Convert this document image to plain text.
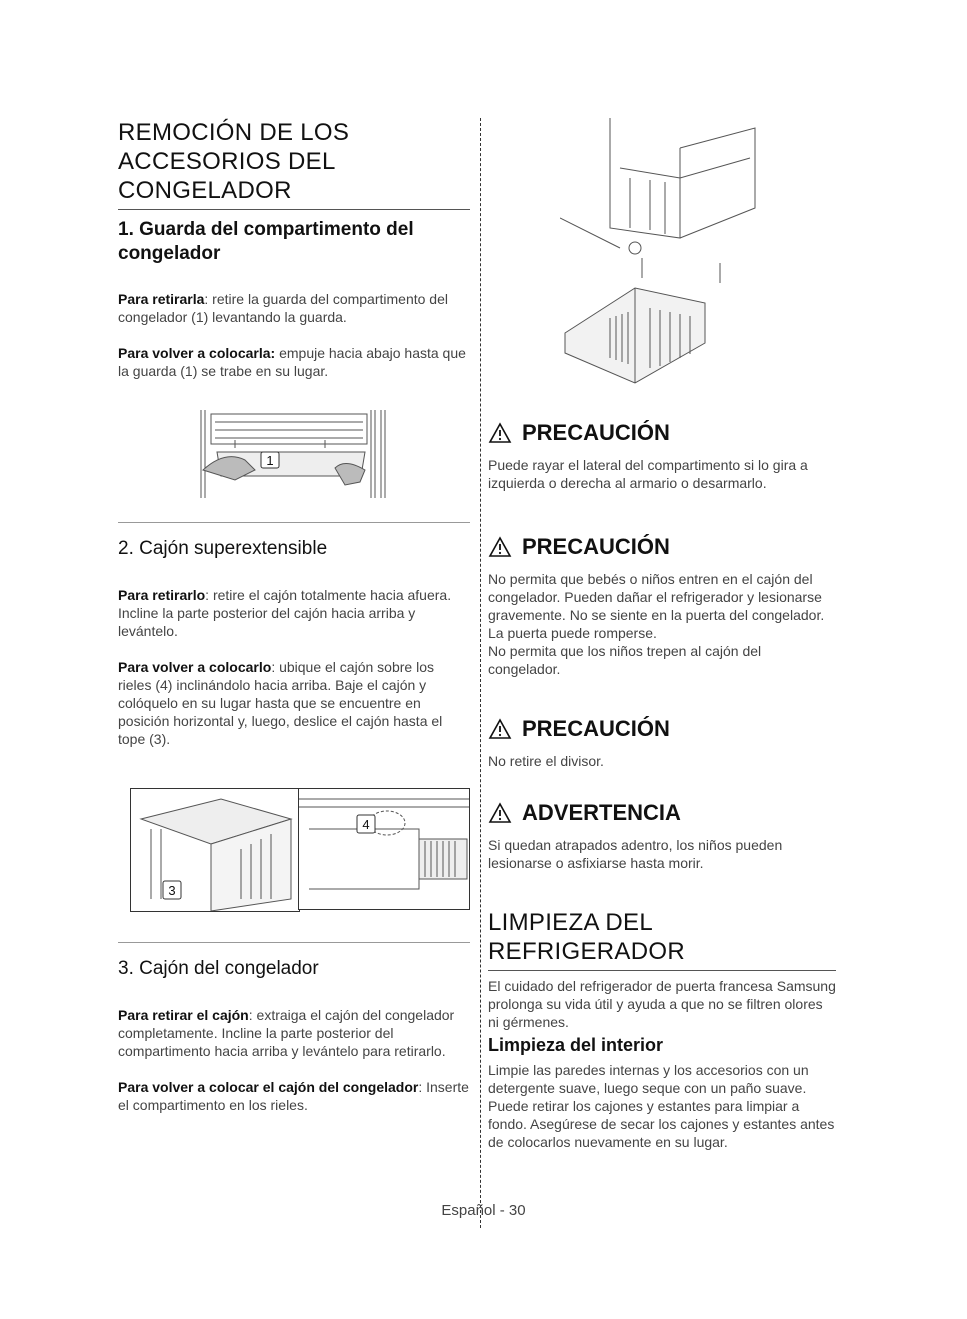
REMOCIÓN DE LOS
ACCESORIOS DEL
CONGELADOR
1. Guarda del compartimento del
congelador

Para retirarla: retire la guarda del compartimento del congelador (1) levantando la guarda.

Para volver a colocarla: empuje hacia abajo hasta que la guarda (1) se trabe en su lugar.

1
2. Cajón superextensible

Para retirarlo: retire el cajón totalmente hacia afuera. Incline la parte posterior del cajón hacia arriba y levántelo.

Para volver a colocarlo: ubique el cajón sobre los rieles (4) inclinándolo hacia arriba. Baje el cajón y colóquelo en su lugar hasta que se encuentre en posición horizontal y, luego, deslice el cajón hasta el tope (3).

3
4
3. Cajón del congelador

Para retirar el cajón: extraiga el cajón del congelador completamente. Incline la parte posterior del compartimento hacia arriba y levántelo para retirarlo.

Para volver a colocar el cajón del congelador: Inserte el compartimento en los rieles.

PRECAUCIÓN

Puede rayar el lateral del compartimento si lo gira a izquierda o derecha al armario o desarmarlo.

PRECAUCIÓN

No permita que bebés o niños entren en el cajón del congelador. Pueden dañar el refrigerador y lesionarse gravemente. No se siente en la puerta del congelador. La puerta puede romperse.

No permita que los niños trepen al cajón del congelador.

PRECAUCIÓN

No retire el divisor.

ADVERTENCIA

Si quedan atrapados adentro, los niños pueden lesionarse o asfixiarse hasta morir.

LIMPIEZA DEL
REFRIGERADOR

El cuidado del refrigerador de puerta francesa Samsung prolonga su vida útil y ayuda a que no se filtren olores ni gérmenes.

Limpieza del interior

Limpie las paredes internas y los accesorios con un detergente suave, luego seque con un paño suave. Puede retirar los cajones y estantes para limpiar a fondo. Asegúrese de secar los cajones y estantes antes de colocarlos nuevamente en su lugar.

Español - 30
